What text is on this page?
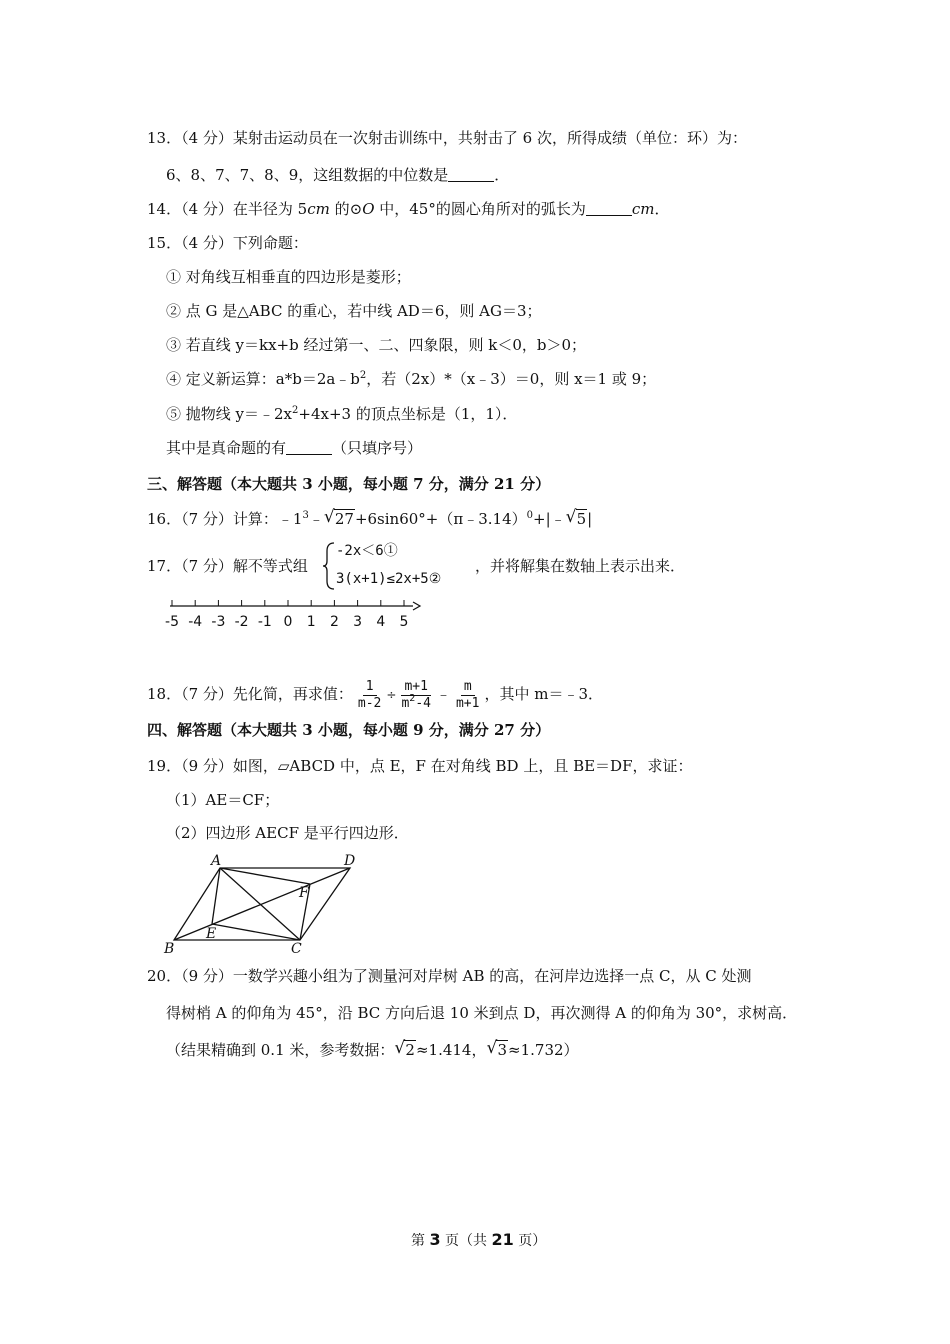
13．（4 分）某射击运动员在一次射击训练中，共射击了 6 次，所得成绩（单位：环）为：
6、8、7、7、8、9，这组数据的中位数是	．
14．（4 分）在半径为 5cm 的⊙O 中，45°的圆心角所对的弧长为	cm．
15．（4 分）下列命题：
① 对角线互相垂直的四边形是菱形；
② 点 G 是△ABC 的重心，若中线 AD＝6，则 AG＝3；
③ 若直线 y＝kx+b 经过第一、二、四象限，则 k＜0，b＞0；
④ 定义新运算：$a*b=2a﹣b^2$，若（2x）*（x﹣3）＝0，则 x＝1 或 9；
⑤ 抛物线 $y=﹣2x^2+4x+3$ 的顶点坐标是（1，1）．
其中是真命题的有	（只填序号）
三、解答题（本大题共 3 小题，每小题 7 分，满分 21 分）
16．（7 分）计算：$﹣1^3﹣$ √ 27+6sin60°+（π﹣3.14）$^0$+|﹣ √ 5|
17．（7 分）解不等式组
-2x＜6①
3(x+1)≤2x+5②
，并将解集在数轴上表示出来．
-5 -4 -3 -2 -1 0 1 2 3 4 5
18．（7 分）先化简，再求值： $\frac{1}{m-2} \div \frac{m+1}{m^2-4}$ ﹣ $\frac{m}{m+1}$ ，其中 m＝﹣3．
四、解答题（本大题共 3 小题，每小题 9 分，满分 27 分）
19．（9 分）如图，▱ABCD 中，点 E，F 在对角线 BD 上，且 BE＝DF，求证：
（1）AE＝CF；
（2）四边形 AECF 是平行四边形．
A	D
F
E
B	C
20．（9 分）一数学兴趣小组为了测量河对岸树 AB 的高，在河岸边选择一点 C，从 C 处测
得树梢 A 的仰角为 45°，沿 BC 方向后退 10 米到点 D，再次测得 A 的仰角为 30°，求树高．
（结果精确到 0.1 米，参考数据： √ 2≈1.414， √ 3≈1.732）
第 3 页（共 21 页）
